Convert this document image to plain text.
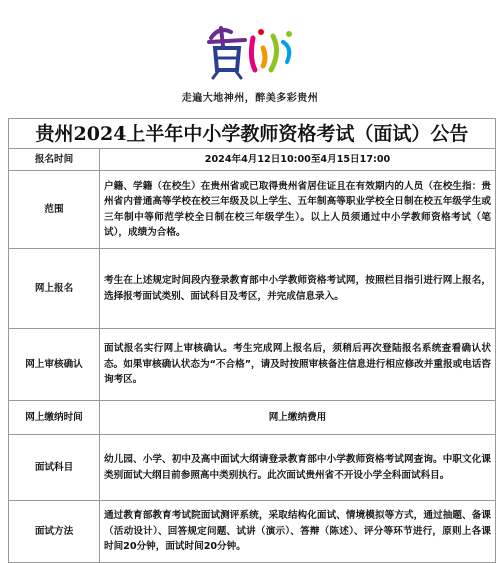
走遍大地神州，醉美多彩贵州
贵州2024上半年中小学教师资格考试（面试）公告
报名时间	2024年4月12日10:00至4月15日17:00
范围	户籍、学籍（在校生）在贵州省或已取得贵州省居住证且在有效期内的人员（在校生指：贵州省内普通高等学校在校三年级及以上学生、五年制高等职业学校全日制在校五年级学生或三年制中等师范学校全日制在校三年级学生）。以上人员须通过中小学教师资格考试（笔试），成绩为合格。
网上报名	考生在上述规定时间段内登录教育部中小学教师资格考试网，按照栏目指引进行网上报名，选择报考面试类别、面试科目及考区，并完成信息录入。
网上审核确认	面试报名实行网上审核确认。考生完成网上报名后，须稍后再次登陆报名系统查看确认状态。如果审核确认状态为“不合格”，请及时按照审核备注信息进行相应修改并重报或电话咨询考区。
网上缴纳时间	网上缴纳费用
面试科目	幼儿园、小学、初中及高中面试大纲请登录教育部中小学教师资格考试网查询。中职文化课类别面试大纲目前参照高中类别执行。此次面试贵州省不开设小学全科面试科目。
面试方法	通过教育部教育考试院面试测评系统，采取结构化面试、情境模拟等方式，通过抽题、备课（活动设计）、回答规定问题、试讲（演示）、答辩（陈述）、评分等环节进行，原则上各课时间20分钟，面试时间20分钟。
